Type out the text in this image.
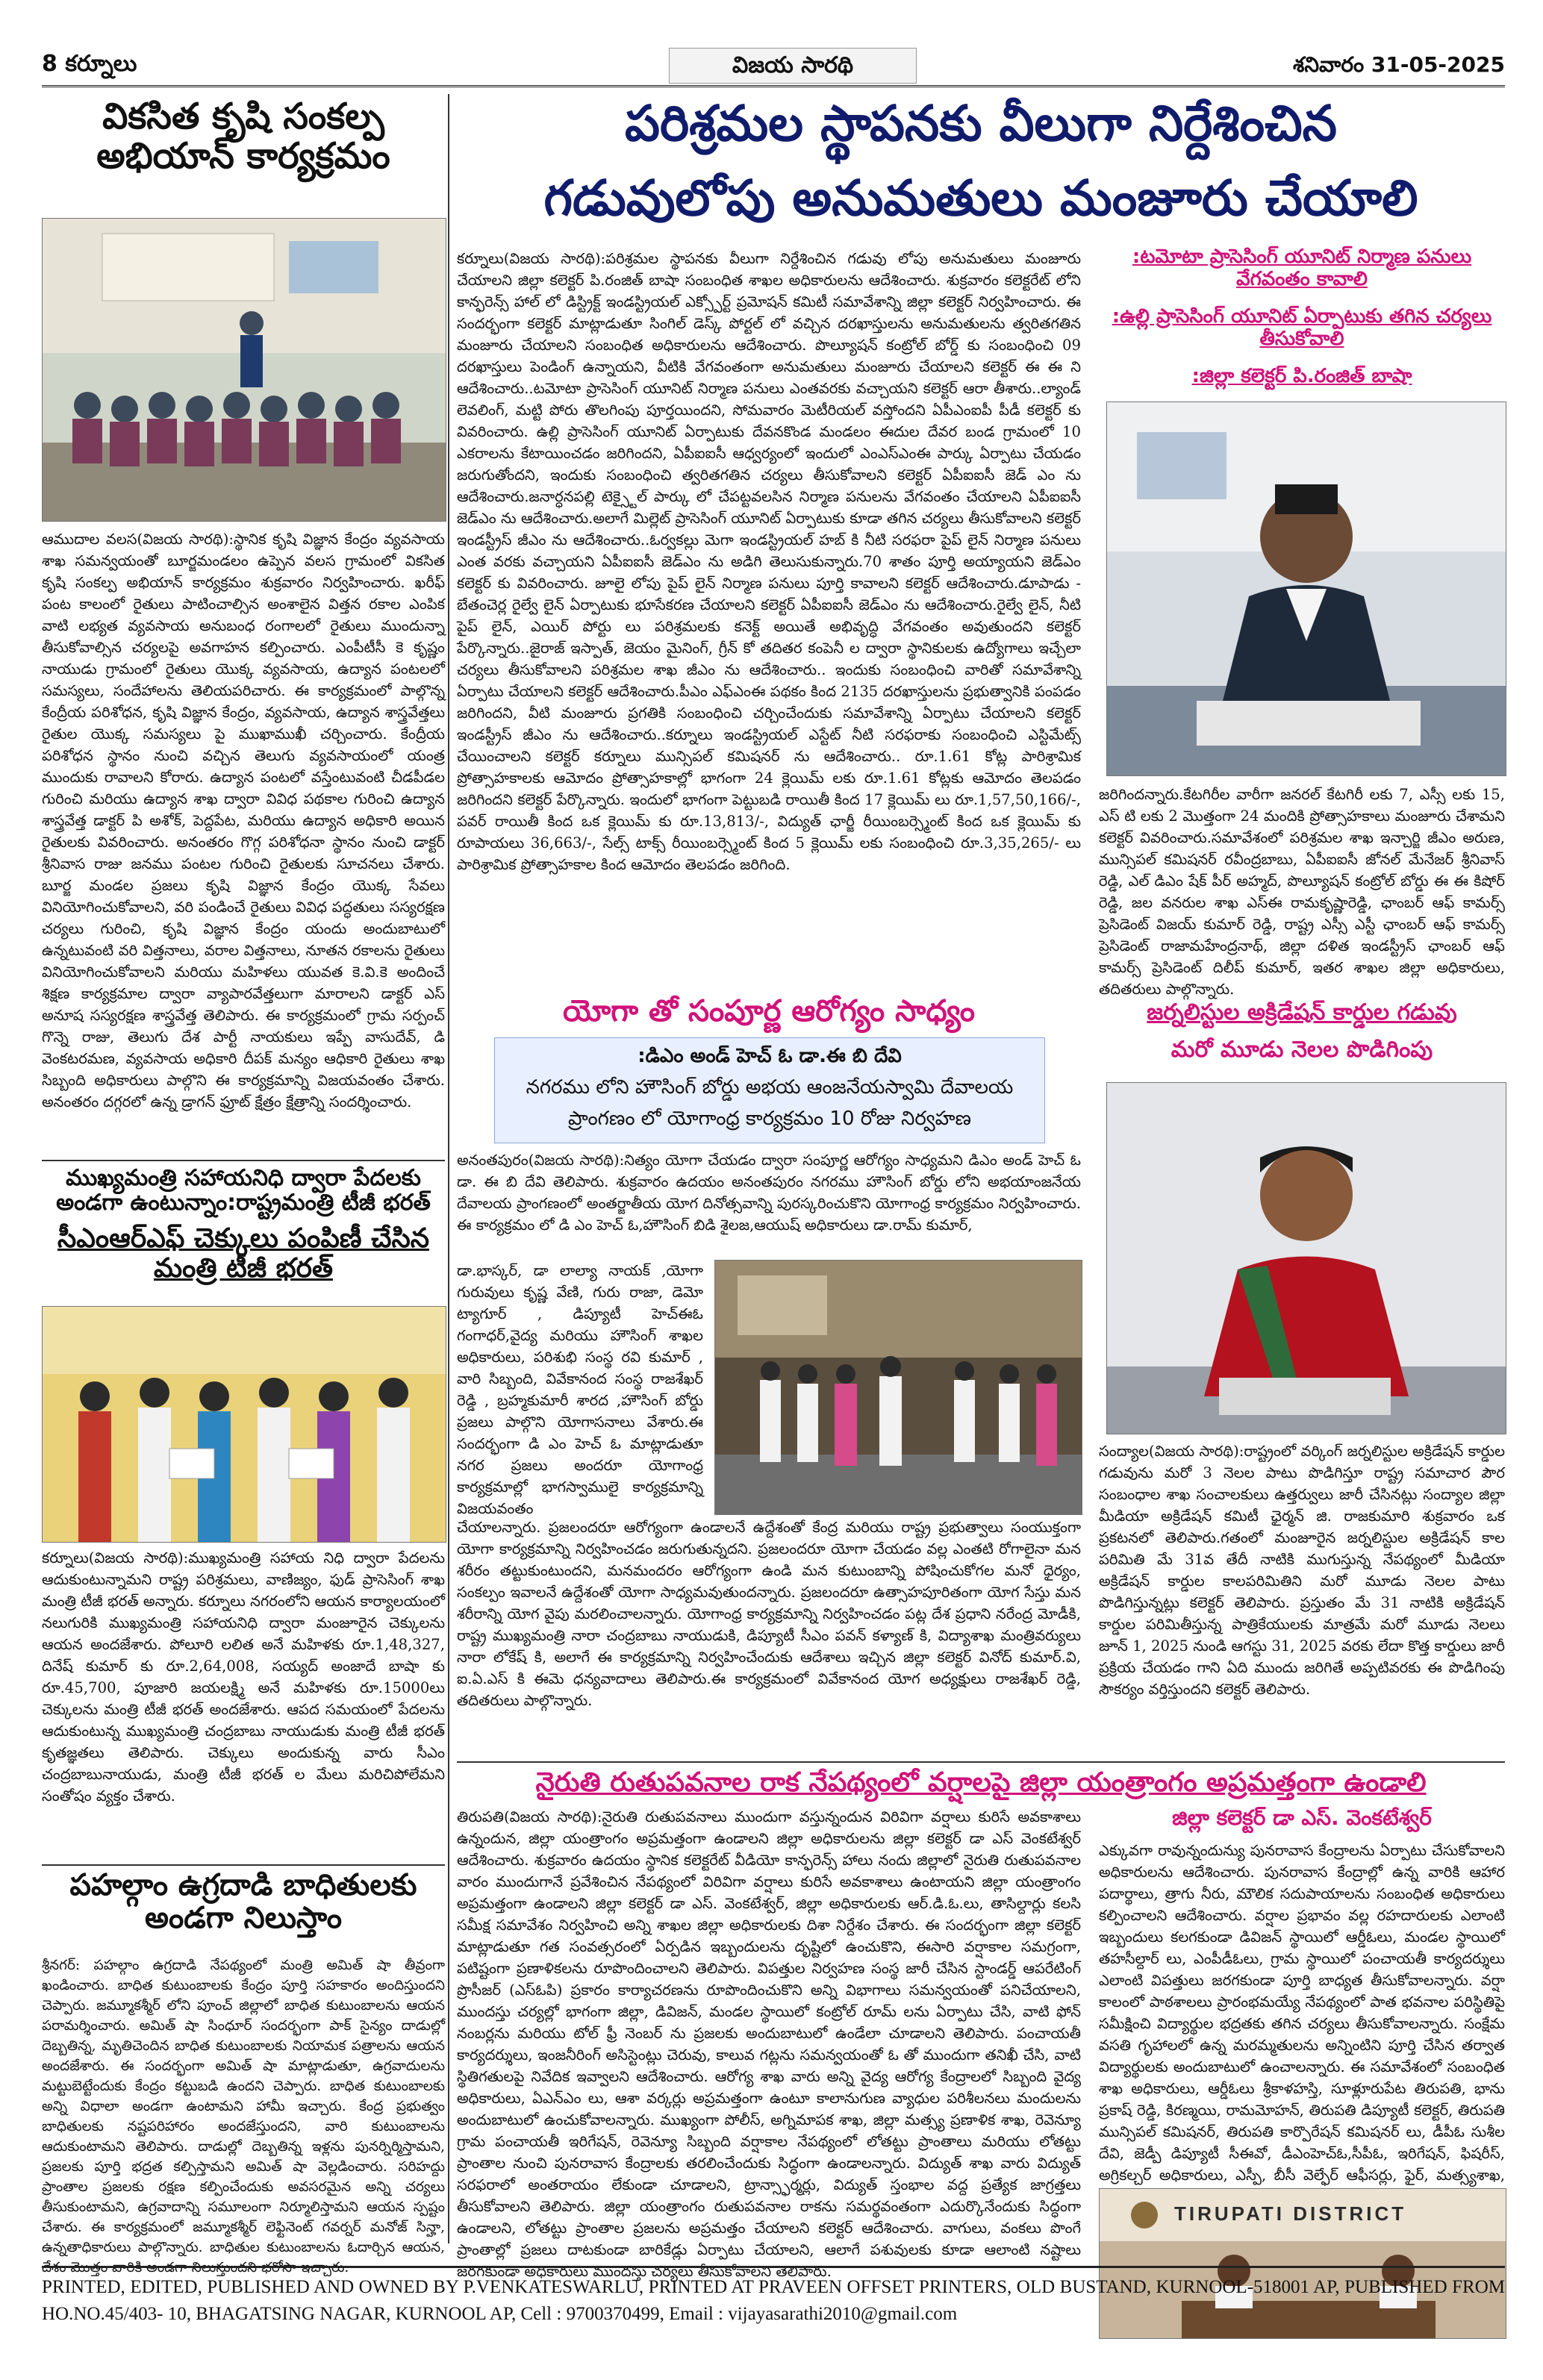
8 కర్నూలు	విజయ సారథి	శనివారం 31-05-2025
వికసిత కృషి సంకల్ప అభియాన్ కార్యక్రమం

ఆముదాల వలస(విజయ సారథి):స్థానిక కృషి విజ్ఞాన కేంద్రం వ్యవసాయ శాఖ సమన్వయంతో బూర్జమండలం ఉప్పెన వలస గ్రామంలో వికసిత కృషి సంకల్ప అభియాన్ కార్యక్రమం శుక్రవారం నిర్వహించారు. ఖరీఫ్ పంట కాలంలో రైతులు పాటించాల్సిన అంశాలైన విత్తన రకాల ఎంపిక వాటి లభ్యత వ్యవసాయ అనుబంధ రంగాలలో రైతులు ముందున్నా తీసుకోవాల్సిన చర్యలపై అవగాహన కల్పించారు. ఎంపీటీసీ కె కృష్ణం నాయుడు గ్రామంలో రైతులు యొక్క వ్యవసాయ, ఉద్యాన పంటలలో సమస్యలు, సందేహాలను తెలియపరిచారు. ఈ కార్యక్రమంలో పాల్గొన్న కేంద్రీయ పరిశోధన, కృషి విజ్ఞాన కేంద్రం, వ్యవసాయ, ఉద్యాన శాస్త్రవేత్తలు రైతుల యొక్క సమస్యలు పై ముఖాముఖీ చర్చించారు. కేంద్రీయ పరిశోధన స్థానం నుంచి వచ్చిన తెలుగు వ్యవసాయంలో యంత్ర ముందుకు రావాలని కోరారు. ఉద్యాన పంటలో వస్తేంటువంటి చీడపీడల గురించి మరియు ఉద్యాన శాఖ ద్వారా వివిధ పథకాల గురించి ఉద్యాన శాస్త్రవేత్త డాక్టర్ పి అశోక్, పెద్దపేట, మరియు ఉద్యాన అధికారి అయిన రైతులకు వివరించారు. అనంతరం గొగ్గ పరిశోధనా స్థానం నుంచి డాక్టర్ శ్రీనివాస రాజు జనము పంటల గురించి రైతులకు సూచనలు చేశారు. బూర్జ మండల ప్రజలు కృషి విజ్ఞాన కేంద్రం యొక్క సేవలు వినియోగించుకోవాలని, వరి పండించే రైతులు వివిధ పద్ధతులు సస్యరక్షణ చర్యలు గురించి, కృషి విజ్ఞాన కేంద్రం యందు అందుబాటులో ఉన్నటువంటి వరి విత్తనాలు, వరాల విత్తనాలు, నూతన రకాలను రైతులు వినియోగించుకోవాలని మరియు మహిళలు యువత కె.వి.కె అందించే శిక్షణ కార్యక్రమాల ద్వారా వ్యాపారవేత్తలుగా మారాలని డాక్టర్ ఎస్ అనూష సస్యరక్షణ శాస్త్రవేత్త తెలిపారు. ఈ కార్యక్రమంలో గ్రామ సర్పంచ్ గొన్నె రాజు, తెలుగు దేశ పార్టీ నాయకులు ఇప్పే వాసుదేవ్, డి వెంకటరమణ, వ్యవసాయ అధికారి దీపక్ మన్యం ఆధికారి రైతులు శాఖ సిబ్బంది అధికారులు పాల్గొని ఈ కార్యక్రమాన్ని విజయవంతం చేశారు. అనంతరం దగ్గరలో ఉన్న డ్రాగన్ ఫ్రూట్ క్షేత్రం క్షేత్రాన్ని సందర్శించారు.

ముఖ్యమంత్రి సహాయనిధి ద్వారా పేదలకు అండగా ఉంటున్నాం:రాష్ట్రమంత్రి టీజీ భరత్
సీఎంఆర్ఎఫ్ చెక్కులు పంపిణీ చేసిన మంత్రి టీజీ భరత్

కర్నూలు(విజయ సారథి):ముఖ్యమంత్రి సహాయ నిధి ద్వారా పేదలను ఆదుకుంటున్నామని రాష్ట్ర పరిశ్రమలు, వాణిజ్యం, ఫుడ్ ప్రాసెసింగ్ శాఖ మంత్రి టీజీ భరత్ అన్నారు. కర్నూలు నగరంలోని ఆయన కార్యాలయంలో నలుగురికి ముఖ్యమంత్రి సహాయనిధి ద్వారా మంజూరైన చెక్కులను ఆయన అందజేశారు. పోలూరి లలిత అనే మహిళకు రూ.1,48,327, దినేష్ కుమార్ కు రూ.2,64,008, సయ్యద్ అంజాదే బాషా కు రూ.45,700, పూజారి జయలక్ష్మి అనే మహిళకు రూ.15000లు చెక్కులను మంత్రి టీజీ భరత్ అందజేశారు. ఆపద సమయంలో పేదలను ఆదుకుంటున్న ముఖ్యమంత్రి చంద్రబాబు నాయుడుకు మంత్రి టీజీ భరత్ కృతజ్ఞతలు తెలిపారు. చెక్కులు అందుకున్న వారు సీఎం చంద్రబాబునాయుడు, మంత్రి టీజీ భరత్ ల మేలు మరిచిపోలేమని సంతోషం వ్యక్తం చేశారు.

పహల్గాం ఉగ్రదాడి బాధితులకు అండగా నిలుస్తాం

శ్రీనగర్: పహల్గాం ఉగ్రదాడి నేపథ్యంలో మంత్రి అమిత్ షా తీవ్రంగా ఖండించారు. బాధిత కుటుంబాలకు కేంద్రం పూర్తి సహకారం అందిస్తుందని చెప్పారు. జమ్మూకశ్మీర్ లోని పూంచ్ జిల్లాలో బాధిత కుటుంబాలను ఆయన పరామర్శించారు. అమిత్ షా సింధూర్ సందర్భంగా పాక్ సైన్యం దాడుల్లో దెబ్బతిన్న, మృతిచెందిన బాధిత కుటుంబాలకు నియామక పత్రాలను ఆయన అందజేశారు. ఈ సందర్భంగా అమిత్ షా మాట్లాడుతూ, ఉగ్రవాదులను మట్టుబెట్టేందుకు కేంద్రం కట్టుబడి ఉందని చెప్పారు. బాధిత కుటుంబాలకు అన్ని విధాలా అండగా ఉంటామని హామీ ఇచ్చారు. కేంద్ర ప్రభుత్వం బాధితులకు నష్టపరిహారం అందజేస్తుందని, వారి కుటుంబాలను ఆదుకుంటామని తెలిపారు. దాడుల్లో దెబ్బతిన్న ఇళ్లను పునర్నిర్మిస్తామని, ప్రజలకు పూర్తి భద్రత కల్పిస్తామని అమిత్ షా వెల్లడించారు. సరిహద్దు ప్రాంతాల ప్రజలకు రక్షణ కల్పించేందుకు అవసరమైన అన్ని చర్యలు తీసుకుంటామని, ఉగ్రవాదాన్ని సమూలంగా నిర్మూలిస్తామని ఆయన స్పష్టం చేశారు. ఈ కార్యక్రమంలో జమ్మూకశ్మీర్ లెఫ్టినెంట్ గవర్నర్ మనోజ్ సిన్హా, ఉన్నతాధికారులు పాల్గొన్నారు. బాధితుల కుటుంబాలను ఓదార్చిన ఆయన, దేశం మొత్తం వారికి అండగా నిలుస్తుందని భరోసా ఇచ్చారు.

పరిశ్రమల స్థాపనకు వీలుగా నిర్దేశించిన
గడువులోపు అనుమతులు మంజూరు చేయాలి

కర్నూలు(విజయ సారథి):పరిశ్రమల స్థాపనకు వీలుగా నిర్దేశించిన గడువు లోపు అనుమతులు మంజూరు చేయాలని జిల్లా కలెక్టర్ పి.రంజిత్ బాషా సంబంధిత శాఖల అధికారులను ఆదేశించారు. శుక్రవారం కలెక్టరేట్ లోని కాన్ఫరెన్స్ హాల్ లో డిస్ట్రిక్ట్ ఇండస్ట్రియల్ ఎక్స్పోర్ట్ ప్రమోషన్ కమిటీ సమావేశాన్ని జిల్లా కలెక్టర్ నిర్వహించారు. ఈ సందర్భంగా కలెక్టర్ మాట్లాడుతూ సింగిల్ డెస్క్ పోర్టల్ లో వచ్చిన దరఖాస్తులను అనుమతులను త్వరితగతిన మంజూరు చేయాలని సంబంధిత అధికారులను ఆదేశించారు. పొల్యూషన్ కంట్రోల్ బోర్డ్ కు సంబంధించి 09 దరఖాస్తులు పెండింగ్ ఉన్నాయని, వీటికి వేగవంతంగా అనుమతులు మంజూరు చేయాలని కలెక్టర్ ఈ ఈ ని ఆదేశించారు..టమోటా ప్రాసెసింగ్ యూనిట్ నిర్మాణ పనులు ఎంతవరకు వచ్చాయని కలెక్టర్ ఆరా తీశారు..ల్యాండ్ లెవలింగ్, మట్టి పోరు తొలగింపు పూర్తయిందని, సోమవారం మెటీరియల్ వస్తోందని ఏపీఎంఐపీ పీడీ కలెక్టర్ కు వివరించారు. ఉల్లి ప్రాసెసింగ్ యూనిట్ ఏర్పాటుకు దేవనకొండ మండలం ఈదుల దేవర బండ గ్రామంలో 10 ఎకరాలను కేటాయించడం జరిగిందని, ఏపీఐఐసీ ఆధ్వర్యంలో ఇందులో ఎంఎస్ఎంఈ పార్కు ఏర్పాటు చేయడం జరుగుతోందని, ఇందుకు సంబంధించి త్వరితగతిన చర్యలు తీసుకోవాలని కలెక్టర్ ఏపీఐఐసీ జెడ్ ఎం ను ఆదేశించారు.జనార్ధనపల్లి టెక్స్టైల్ పార్కు లో చేపట్టవలసిన నిర్మాణ పనులను వేగవంతం చేయాలని ఏపీఐఐసీ జెడ్ఎం ను ఆదేశించారు.అలాగే మిల్లెట్ ప్రాసెసింగ్ యూనిట్ ఏర్పాటుకు కూడా తగిన చర్యలు తీసుకోవాలని కలెక్టర్ ఇండస్ట్రీస్ జీఎం ను ఆదేశించారు..ఓర్వకల్లు మెగా ఇండస్ట్రియల్ హబ్ కి నీటి సరఫరా పైప్ లైన్ నిర్మాణ పనులు ఎంత వరకు వచ్చాయని ఏపీఐఐసీ జెడ్ఎం ను అడిగి తెలుసుకున్నారు.70 శాతం పూర్తి అయ్యాయని జెడ్ఎం కలెక్టర్ కు వివరించారు. జూలై లోపు పైప్ లైన్ నిర్మాణ పనులు పూర్తి కావాలని కలెక్టర్ ఆదేశించారు.డూపాడు - బేతంచెర్ల రైల్వే లైన్ ఏర్పాటుకు భూసేకరణ చేయాలని కలెక్టర్ ఏపీఐఐసీ జెడ్ఎం ను ఆదేశించారు.రైల్వే లైన్, నీటి పైప్ లైన్, ఎయిర్ పోర్టు లు పరిశ్రమలకు కనెక్ట్ అయితే అభివృద్ధి వేగవంతం అవుతుందని కలెక్టర్ పేర్కొన్నారు..జైరాజ్ ఇస్పాత్, జెయం మైనింగ్, గ్రీన్ కో తదితర కంపెనీ ల ద్వారా స్థానికులకు ఉద్యోగాలు ఇచ్చేలా చర్యలు తీసుకోవాలని పరిశ్రమల శాఖ జీఎం ను ఆదేశించారు.. ఇందుకు సంబంధించి వారితో సమావేశాన్ని ఏర్పాటు చేయాలని కలెక్టర్ ఆదేశించారు.పీఎం ఎఫ్ఎంఈ పథకం కింద 2135 దరఖాస్తులను ప్రభుత్వానికి పంపడం జరిగిందని, వీటి మంజూరు ప్రగతికి సంబంధించి చర్చించేందుకు సమావేశాన్ని ఏర్పాటు చేయాలని కలెక్టర్ ఇండస్ట్రీస్ జీఎం ను ఆదేశించారు..కర్నూలు ఇండస్ట్రియల్ ఎస్టేట్ నీటి సరఫరాకు సంబంధించి ఎస్టిమేట్స్ చేయించాలని కలెక్టర్ కర్నూలు మున్సిపల్ కమిషనర్ ను ఆదేశించారు.. రూ.1.61 కోట్ల పారిశ్రామిక ప్రోత్సాహకాలకు ఆమోదం ప్రోత్సాహకాల్లో భాగంగా 24 క్లెయిమ్ లకు రూ.1.61 కోట్లకు ఆమోదం తెలపడం జరిగిందని కలెక్టర్ పేర్కొన్నారు. ఇందులో భాగంగా పెట్టుబడి రాయితీ కింద 17 క్లెయిమ్ లు రూ.1,57,50,166/-, పవర్ రాయితీ కింద ఒక క్లెయిమ్ కు రూ.13,813/-, విద్యుత్ ఛార్జీ రీయింబర్స్మెంట్ కింద ఒక క్లెయిమ్ కు రూపాయలు 36,663/-, సేల్స్ టాక్స్ రీయింబర్స్మెంట్ కింద 5 క్లెయిమ్ లకు సంబంధించి రూ.3,35,265/- లు పారిశ్రామిక ప్రోత్సాహకాల కింద ఆమోదం తెలపడం జరిగింది.

:టమోటా ప్రాసెసింగ్ యూనిట్ నిర్మాణ పనులు వేగవంతం కావాలి
:ఉల్లి ప్రాసెసింగ్ యూనిట్ ఏర్పాటుకు తగిన చర్యలు తీసుకోవాలి
:జిల్లా కలెక్టర్ పి.రంజిత్ బాషా

జరిగిందన్నారు.కేటగిరీల వారీగా జనరల్ కేటగిరీ లకు 7, ఎస్సీ లకు 15, ఎస్ టి లకు 2 మొత్తంగా 24 మందికి ప్రోత్సాహకాలు మంజూరు చేశామని కలెక్టర్ వివరించారు.సమావేశంలో పరిశ్రమల శాఖ ఇన్చార్జి జీఎం అరుణ, మున్సిపల్ కమిషనర్ రవీంద్రబాబు, ఏపీఐఐసీ జోనల్ మేనేజర్ శ్రీనివాస్ రెడ్డి, ఎల్ డిఎం షేక్ పీర్ అహ్మద్, పొల్యూషన్ కంట్రోల్ బోర్డు ఈ ఈ కిషోర్ రెడ్డి, జల వనరుల శాఖ ఎస్ఈ రామకృష్ణారెడ్డి, ఛాంబర్ ఆఫ్ కామర్స్ ప్రెసిడెంట్ విజయ్ కుమార్ రెడ్డి, రాష్ట్ర ఎస్సీ ఎస్టీ ఛాంబర్ ఆఫ్ కామర్స్ ప్రెసిడెంట్ రాజామహేంద్రనాథ్, జిల్లా దళిత ఇండస్ట్రీస్ ఛాంబర్ ఆఫ్ కామర్స్ ప్రెసిడెంట్ దిలీప్ కుమార్, ఇతర శాఖల జిల్లా అధికారులు, తదితరులు పాల్గొన్నారు.

యోగా తో సంపూర్ణ ఆరోగ్యం సాధ్యం
:డిఎం అండ్ హెచ్ ఓ డా.ఈ బి దేవి
నగరము లోని హౌసింగ్ బోర్డు అభయ ఆంజనేయస్వామి దేవాలయ
ప్రాంగణం లో యోగాంధ్ర కార్యక్రమం 10 రోజు నిర్వహణ

అనంతపురం(విజయ సారథి):నిత్యం యోగా చేయడం ద్వారా సంపూర్ణ ఆరోగ్యం సాధ్యమని డిఎం అండ్ హెచ్ ఓ డా. ఈ బి దేవి తెలిపారు. శుక్రవారం ఉదయం అనంతపురం నగరము హౌసింగ్ బోర్డు లోని అభయాంజనేయ దేవాలయ ప్రాంగణంలో అంతర్జాతీయ యోగ దినోత్సవాన్ని పురస్కరించుకొని యోగాంధ్ర కార్యక్రమం నిర్వహించారు. ఈ కార్యక్రమం లో డి ఎం హెచ్ ఓ,హౌసింగ్ బిడి శైలజ,ఆయుష్ అధికారులు డా.రామ్ కుమార్,

డా.భాస్కర్, డా లాల్యా నాయక్ ,యోగా గురువులు కృష్ణ వేణి, గురు రాజా, డెమో ట్యాగూర్ , డిప్యూటీ హెచ్ఈఓ గంగాధర్,వైద్య మరియు హౌసింగ్ శాఖల అధికారులు, పరిశుభి సంస్థ రవి కుమార్ , వారి సిబ్బంది, వివేకానంద సంస్థ రాజశేఖర్ రెడ్డి , బ్రహ్మకుమారీ శారద ,హౌసింగ్ బోర్డు ప్రజలు పాల్గొని యోగాసనాలు వేశారు.ఈ సందర్భంగా డి ఎం హెచ్ ఓ మాట్లాడుతూ నగర ప్రజలు అందరూ యోగాంధ్ర కార్యక్రమాల్లో భాగస్వాములై కార్యక్రమాన్ని విజయవంతం

చేయాలన్నారు. ప్రజలందరూ ఆరోగ్యంగా ఉండాలనే ఉద్దేశంతో కేంద్ర మరియు రాష్ట్ర ప్రభుత్వాలు సంయుక్తంగా యోగా కార్యక్రమాన్ని నిర్వహించడం జరుగుతున్నదని. ప్రజలందరూ యోగా చేయడం వల్ల ఎంతటి రోగాలైనా మన శరీరం తట్టుకుంటుందని, మనమందరం ఆరోగ్యంగా ఉండి మన కుటుంబాన్ని పోషించుకోగల మనో ధైర్యం, సంకల్పం ఇవాలనే ఉద్దేశంతో యోగా సాధ్యమవుతుందన్నారు. ప్రజలందరూ ఉత్సాహపూరితంగా యోగ సేస్తు మన శరీరాన్ని యోగ వైపు మరలించాలన్నారు. యోగాంధ్ర కార్యక్రమాన్ని నిర్వహించడం పట్ల దేశ ప్రధాని నరేంద్ర మోడీకి, రాష్ట్ర ముఖ్యమంత్రి నారా చంద్రబాబు నాయుడుకి, డిప్యూటీ సీఎం పవన్ కళ్యాణ్ కి, విద్యాశాఖ మంత్రివర్యులు నారా లోకేష్ కి, అలాగే ఈ కార్యక్రమాన్ని నిర్వహించేందుకు ఆదేశాలు ఇచ్చిన జిల్లా కలెక్టర్ వినోద్ కుమార్.వి, ఐ.ఏ.ఎస్ కి ఈమె ధన్యవాదాలు తెలిపారు.ఈ కార్యక్రమంలో వివేకానంద యోగ అధ్యక్షులు రాజశేఖర్ రెడ్డి, తదితరులు పాల్గొన్నారు.

జర్నలిస్టుల అక్రిడేషన్ కార్డుల గడువు
మరో మూడు నెలల పొడిగింపు

సంద్యాల(విజయ సారథి):రాష్ట్రంలో వర్కింగ్ జర్నలిస్టుల అక్రిడేషన్ కార్డుల గడువును మరో 3 నెలల పాటు పొడిగిస్తూ రాష్ట్ర సమాచార పౌర సంబంధాల శాఖ సంచాలకులు ఉత్తర్వులు జారీ చేసినట్లు సంద్యాల జిల్లా మీడియా అక్రిడేషన్ కమిటీ ఛైర్మన్ జి. రాజకుమారి శుక్రవారం ఒక ప్రకటనలో తెలిపారు.గతంలో మంజూరైన జర్నలిస్టుల అక్రిడేషన్ కాల పరిమితి మే 31వ తేదీ నాటికి ముగుస్తున్న నేపథ్యంలో మీడియా అక్రిడేషన్ కార్డుల కాలపరిమితిని మరో మూడు నెలల పాటు పొడిగిస్తున్నట్లు కలెక్టర్ తెలిపారు. ప్రస్తుతం మే 31 నాటికి అక్రిడేషన్ కార్డుల పరిమితీస్తున్న పాత్రికేయులకు మాత్రమే మరో మూడు నెలలు జూన్ 1, 2025 నుండి ఆగస్టు 31, 2025 వరకు లేదా కొత్త కార్డులు జారీ ప్రక్రియ చేయడం గాని ఏది ముందు జరిగితే అప్పటివరకు ఈ పొడిగింపు సౌకర్యం వర్తిస్తుందని కలెక్టర్ తెలిపారు.

నైరుతి రుతుపవనాల రాక నేపథ్యంలో వర్షాలపై జిల్లా యంత్రాంగం అప్రమత్తంగా ఉండాలి
జిల్లా కలెక్టర్ డా ఎస్. వెంకటేశ్వర్

తిరుపతి(విజయ సారథి):నైరుతి రుతుపవనాలు ముందుగా వస్తున్నందున విరివిగా వర్షాలు కురిసే అవకాశాలు ఉన్నందున, జిల్లా యంత్రాంగం అప్రమత్తంగా ఉండాలని జిల్లా అధికారులను జిల్లా కలెక్టర్ డా ఎస్ వెంకటేశ్వర్ ఆదేశించారు. శుక్రవారం ఉదయం స్థానిక కలెక్టరేట్ వీడియో కాన్ఫరెన్స్ హాలు నందు జిల్లాలో నైరుతి రుతుపవనాల వారం ముందుగానే ప్రవేశించిన నేపథ్యంలో విరివిగా వర్షాలు కురిసే అవకాశాలు ఉంటాయని జిల్లా యంత్రాంగం అప్రమత్తంగా ఉండాలని జిల్లా కలెక్టర్ డా ఎస్. వెంకటేశ్వర్, జిల్లా అధికారులకు ఆర్.డి.ఓ.లు, తాసిల్దార్లు కలసి సమీక్ష సమావేశం నిర్వహించి అన్ని శాఖల జిల్లా అధికారులకు దిశా నిర్దేశం చేశారు. ఈ సందర్భంగా జిల్లా కలెక్టర్ మాట్లాడుతూ గత సంవత్సరంలో ఏర్పడిన ఇబ్బందులను దృష్టిలో ఉంచుకొని, ఈసారి వర్షాకాల సమగ్రంగా, పటిష్టంగా ప్రణాళికలను రూపొందించాలని తెలిపారు. విపత్తుల నిర్వహణ సంస్థ జారీ చేసిన స్టాండర్డ్ ఆపరేటింగ్ ప్రొసీజర్ (ఎస్ఓపి) ప్రకారం కార్యాచరణను రూపొందించుకొని అన్ని విభాగాలు సమన్వయంతో పనిచేయాలని, ముందస్తు చర్యల్లో భాగంగా జిల్లా, డివిజన్, మండల స్థాయిలో కంట్రోల్ రూమ్ లను ఏర్పాటు చేసి, వాటి ఫోన్ నంబర్లను మరియు టోల్ ఫ్రీ నెంబర్ ను ప్రజలకు అందుబాటులో ఉండేలా చూడాలని తెలిపారు. పంచాయతీ కార్యదర్శులు, ఇంజనీరింగ్ అసిస్టెంట్లు చెరువు, కాలువ గట్లను సమన్వయంతో ఓ తో ముందుగా తనిఖీ చేసి, వాటి స్థితిగతులపై నివేదిక ఇవ్వాలని ఆదేశించారు. ఆరోగ్య శాఖ వారు అన్ని వైద్య ఆరోగ్య కేంద్రాలలో సిబ్బంది వైద్య అధికారులు, ఏఎన్ఎం లు, ఆశా వర్కర్లు అప్రమత్తంగా ఉంటూ కాలానుగుణ వ్యాధుల పరిశీలనలు మందులను అందుబాటులో ఉంచుకోవాలన్నారు. ముఖ్యంగా పోలీస్, అగ్నిమాపక శాఖ, జిల్లా మత్స్య ప్రణాళిక శాఖ, రెవెన్యూ గ్రామ పంచాయతీ ఇరిగేషన్, రెవెన్యూ సిబ్బంది వర్షాకాల నేపథ్యంలో లోతట్టు ప్రాంతాలు మరియు లోతట్టు ప్రాంతాల నుంచి పునరావాస కేంద్రాలకు తరలించేందుకు సిద్ధంగా ఉండాలన్నారు. విద్యుత్ శాఖ వారు విద్యుత్ సరఫరాలో అంతరాయం లేకుండా చూడాలని, ట్రాన్స్ఫార్మర్లు, విద్యుత్ స్తంభాల వద్ద ప్రత్యేక జాగ్రత్తలు తీసుకోవాలని తెలిపారు. జిల్లా యంత్రాంగం రుతుపవనాల రాకను సమర్థవంతంగా ఎదుర్కొనేందుకు సిద్ధంగా ఉండాలని, లోతట్టు ప్రాంతాల ప్రజలను అప్రమత్తం చేయాలని కలెక్టర్ ఆదేశించారు. వాగులు, వంకలు పొంగే ప్రాంతాల్లో ప్రజలు దాటకుండా బారికేడ్లు ఏర్పాటు చేయాలని, ఆలాగే పశువులకు కూడా ఆలాంటి నష్టాలు జరగకుండా అధికారులు ముందస్తు చర్యలు తీసుకోవాలని తెలిపారు.

ఎక్కువగా రావున్నందున్యు పునరావాస కేంద్రాలను ఏర్పాటు చేసుకోవాలని అధికారులను ఆదేశించారు. పునరావాస కేంద్రాల్లో ఉన్న వారికి ఆహార పదార్థాలు, త్రాగు నీరు, మౌలిక సదుపాయాలను సంబంధిత అధికారులు కల్పించాలని ఆదేశించారు. వర్షాల ప్రభావం వల్ల రహదారులకు ఎలాంటి ఇబ్బందులు కలగకుండా డివిజన్ స్థాయిలో ఆర్డీఓలు, మండల స్థాయిలో తహసీల్దార్ లు, ఎంపీడీఓలు, గ్రామ స్థాయిలో పంచాయతీ కార్యదర్శులు ఎలాంటి విపత్తులు జరగకుండా పూర్తి బాధ్యత తీసుకోవాలన్నారు. వర్షా కాలంలో పాఠశాలలు ప్రారంభమయ్యే నేపథ్యంలో పాత భవనాల పరిస్థితిపై సమీక్షించి విద్యార్థుల భద్రతకు తగిన చర్యలు తీసుకోవాలన్నారు. సంక్షేమ వసతి గృహాలలో ఉన్న మరమ్మతులను అన్నింటిని పూర్తి చేసిన తర్వాత విద్యార్థులకు అందుబాటులో ఉంచాలన్నారు. ఈ సమావేశంలో సంబంధిత శాఖ అధికారులు, ఆర్డీఓలు శ్రీకాళహస్తి, సూళ్లూరుపేట తిరుపతి, భాను ప్రకాష్ రెడ్డి, కిరణ్మయి, రామమోహన్, తిరుపతి డిప్యూటీ కలెక్టర్, తిరుపతి మున్సిపల్ కమిషనర్, తిరుపతి కార్పొరేషన్ కమిషనర్ లు, డీపీఓ సుశీల దేవి, జెడ్పీ డిప్యూటీ సీఈవో, డీఎంహెచ్ఓ,సీపీఓ, ఇరిగేషన్, ఫిషరీస్, అగ్రికల్చర్ అధికారులు, ఎస్పీ, బీసీ వెల్ఫేర్ ఆఫీసర్లు, ఫైర్, మత్స్యశాఖ,

TIRUPATI DISTRICT
PRINTED, EDITED, PUBLISHED AND OWNED BY P.VENKATESWARLU, PRINTED AT PRAVEEN OFFSET PRINTERS, OLD BUSTAND, KURNOOL-518001 AP, PUBLISHED FROM HO.NO.45/403- 10, BHAGATSING NAGAR, KURNOOL AP, Cell : 9700370499, Email : vijayasarathi2010@gmail.com
